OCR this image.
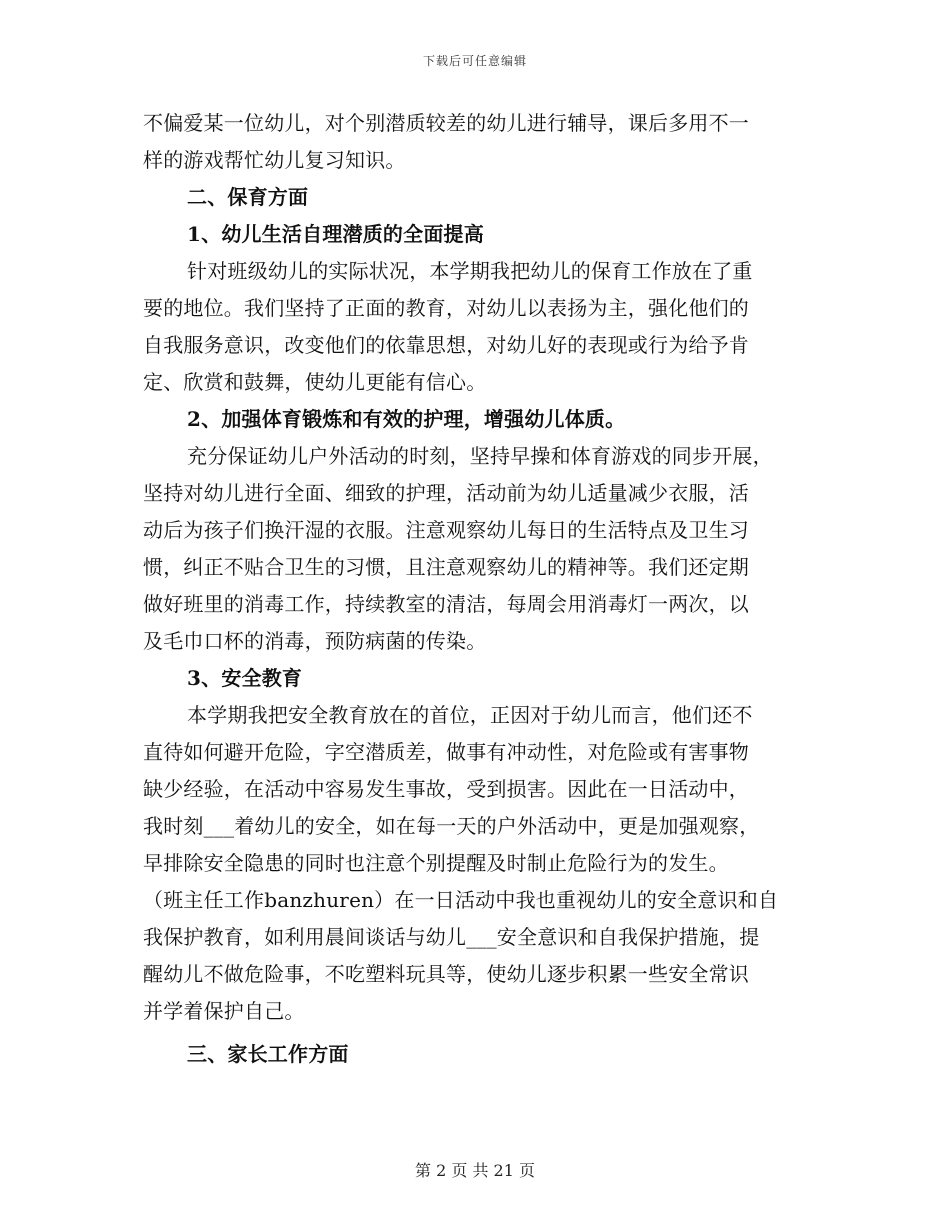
下载后可任意编辑
不偏爱某一位幼儿，对个别潜质较差的幼儿进行辅导，课后多用不一
样的游戏帮忙幼儿复习知识。
二、保育方面
1、幼儿生活自理潜质的全面提高
针对班级幼儿的实际状况，本学期我把幼儿的保育工作放在了重
要的地位。我们坚持了正面的教育，对幼儿以表扬为主，强化他们的
自我服务意识，改变他们的依靠思想，对幼儿好的表现或行为给予肯
定、欣赏和鼓舞，使幼儿更能有信心。
2、加强体育锻炼和有效的护理，增强幼儿体质。
充分保证幼儿户外活动的时刻，坚持早操和体育游戏的同步开展，
坚持对幼儿进行全面、细致的护理，活动前为幼儿适量减少衣服，活
动后为孩子们换汗湿的衣服。注意观察幼儿每日的生活特点及卫生习
惯，纠正不贴合卫生的习惯，且注意观察幼儿的精神等。我们还定期
做好班里的消毒工作，持续教室的清洁，每周会用消毒灯一两次，以
及毛巾口杯的消毒，预防病菌的传染。
3、安全教育
本学期我把安全教育放在的首位，正因对于幼儿而言，他们还不
直待如何避开危险，字空潜质差，做事有冲动性，对危险或有害事物
缺少经验，在活动中容易发生事故，受到损害。因此在一日活动中，
我时刻___着幼儿的安全，如在每一天的户外活动中，更是加强观察，
早排除安全隐患的同时也注意个别提醒及时制止危险行为的发生。
（班主任工作banzhuren）在一日活动中我也重视幼儿的安全意识和自
我保护教育，如利用晨间谈话与幼儿___安全意识和自我保护措施，提
醒幼儿不做危险事，不吃塑料玩具等，使幼儿逐步积累一些安全常识
并学着保护自己。
三、家长工作方面
第 2 页 共 21 页
